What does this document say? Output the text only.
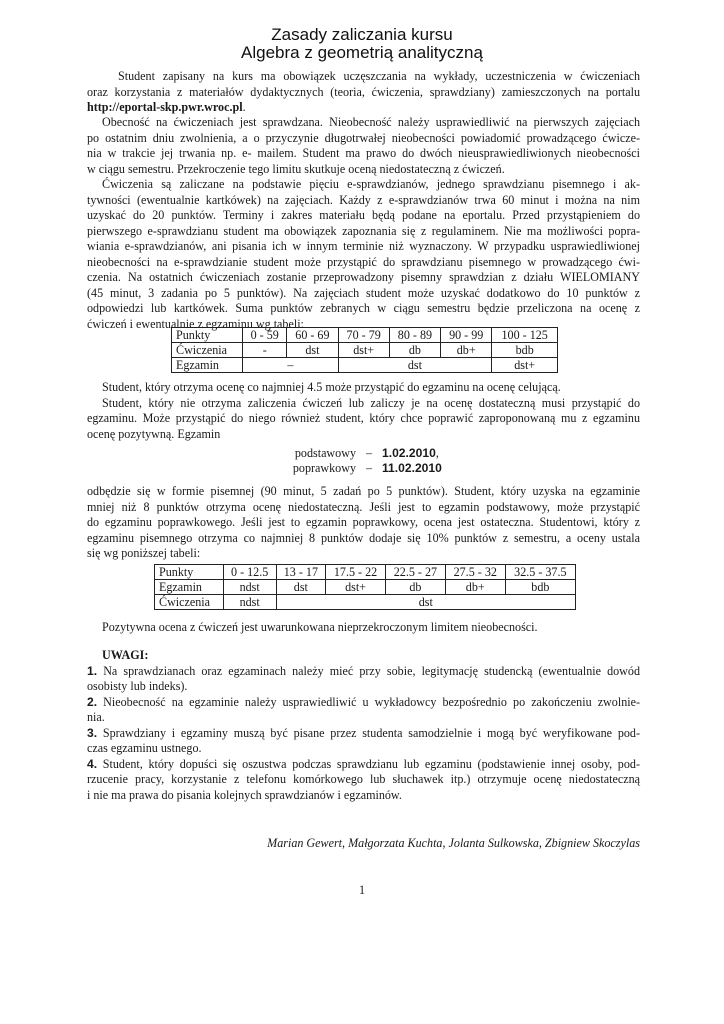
Zasady zaliczania kursu
Algebra z geometrią analityczną
Student zapisany na kurs ma obowiązek uczęszczania na wykłady, uczestniczenia w ćwiczeniach
oraz korzystania z materiałów dydaktycznych (teoria, ćwiczenia, sprawdziany) zamieszczonych na portalu
http://eportal-skp.pwr.wroc.pl.
Obecność na ćwiczeniach jest sprawdzana. Nieobecność należy usprawiedliwić na pierwszych zajęciach
po ostatnim dniu zwolnienia, a o przyczynie długotrwałej nieobecności powiadomić prowadzącego ćwicze-
nia w trakcie jej trwania np. e- mailem. Student ma prawo do dwóch nieusprawiedliwionych nieobecności
w ciągu semestru. Przekroczenie tego limitu skutkuje oceną niedostateczną z ćwiczeń.
Ćwiczenia są zaliczane na podstawie pięciu e-sprawdzianów, jednego sprawdzianu pisemnego i ak-
tywności (ewentualnie kartkówek) na zajęciach. Każdy z e-sprawdzianów trwa 60 minut i można na nim
uzyskać do 20 punktów. Terminy i zakres materiału będą podane na eportalu. Przed przystąpieniem do
pierwszego e-sprawdzianu student ma obowiązek zapoznania się z regulaminem. Nie ma możliwości popra-
wiania e-sprawdzianów, ani pisania ich w innym terminie niż wyznaczony. W przypadku usprawiedliwionej
nieobecności na e-sprawdzianie student może przystąpić do sprawdzianu pisemnego w prowadzącego ćwi-
czenia. Na ostatnich ćwiczeniach zostanie przeprowadzony pisemny sprawdzian z działu WIELOMIANY
(45 minut, 3 zadania po 5 punktów). Na zajęciach student może uzyskać dodatkowo do 10 punktów z
odpowiedzi lub kartkówek. Suma punktów zebranych w ciągu semestru będzie przeliczona na ocenę z
ćwiczeń i ewentualnie z egzaminu wg tabeli:
Punkty	0 - 59	60 - 69	70 - 79	80 - 89	90 - 99	100 - 125
Ćwiczenia	-	dst	dst+	db	db+	bdb
Egzamin	–		dst			dst+
Student, który otrzyma ocenę co najmniej 4.5 może przystąpić do egzaminu na ocenę celującą.
Student, który nie otrzyma zaliczenia ćwiczeń lub zaliczy je na ocenę dostateczną musi przystąpić do
egzaminu. Może przystąpić do niego również student, który chce poprawić zaproponowaną mu z egzaminu
ocenę pozytywną. Egzamin
podstawowy – 1.02.2010 ,
poprawkowy – 11.02.2010
odbędzie się w formie pisemnej (90 minut, 5 zadań po 5 punktów). Student, który uzyska na egzaminie
mniej niż 8 punktów otrzyma ocenę niedostateczną. Jeśli jest to egzamin podstawowy, może przystąpić
do egzaminu poprawkowego. Jeśli jest to egzamin poprawkowy, ocena jest ostateczna. Studentowi, który z
egzaminu pisemnego otrzyma co najmniej 8 punktów dodaje się 10% punktów z semestru, a oceny ustala
się wg poniższej tabeli:
Punkty	0 - 12.5	13 - 17	17.5 - 22	22.5 - 27	27.5 - 32	32.5 - 37.5
Egzamin	ndst	dst	dst+	db	db+	bdb
Ćwiczenia	ndst	dst				
Pozytywna ocena z ćwiczeń jest uwarunkowana nieprzekroczonym limitem nieobecności.
UWAGI:
1. Na sprawdzianach oraz egzaminach należy mieć przy sobie, legitymację studencką (ewentualnie dowód
osobisty lub indeks).
2. Nieobecność na egzaminie należy usprawiedliwić u wykładowcy bezpośrednio po zakończeniu zwolnie-
nia.
3. Sprawdziany i egzaminy muszą być pisane przez studenta samodzielnie i mogą być weryfikowane pod-
czas egzaminu ustnego.
4. Student, który dopuści się oszustwa podczas sprawdzianu lub egzaminu (podstawienie innej osoby, pod-
rzucenie pracy, korzystanie z telefonu komórkowego lub słuchawek itp.) otrzymuje ocenę niedostateczną
i nie ma prawa do pisania kolejnych sprawdzianów i egzaminów.
Marian Gewert, Małgorzata Kuchta, Jolanta Sulkowska, Zbigniew Skoczylas
1
